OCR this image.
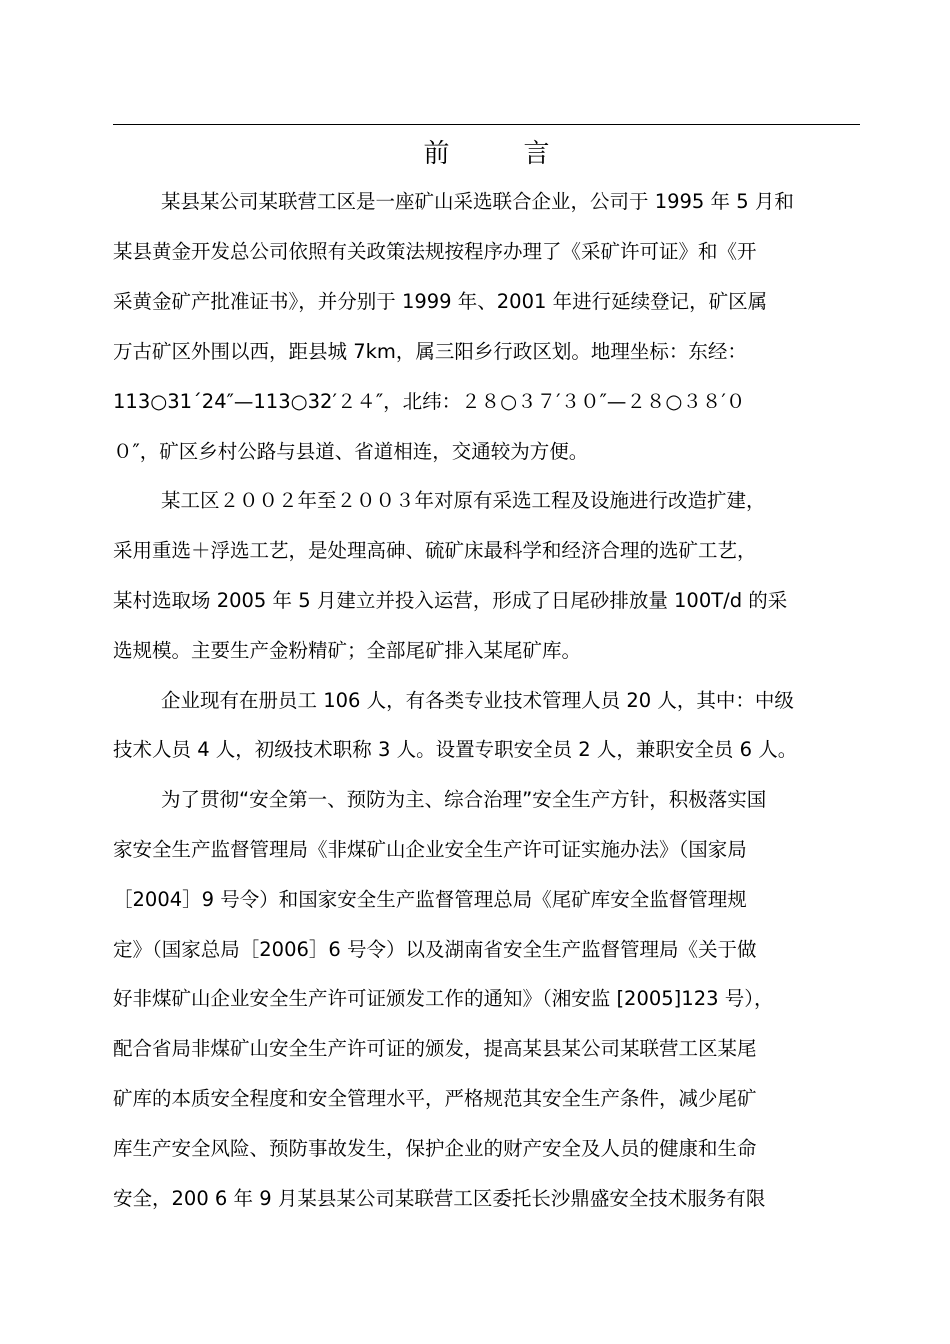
前言
某县某公司某联营工区是一座矿山采选联合企业，公司于 1995 年 5 月和
某县黄金开发总公司依照有关政策法规按程序办理了《采矿许可证》和《开
采黄金矿产批准证书》，并分别于 1999 年、2001 年进行延续登记，矿区属
万古矿区外围以西，距县城 7km，属三阳乡行政区划。地理坐标：东经：
113○31ˊ24″—113○32′２４″，北纬：２８○３７′３０″—２８○３８′０
０″，矿区乡村公路与县道、省道相连，交通较为方便。
某工区２００２年至２００３年对原有采选工程及设施进行改造扩建，
采用重选＋浮选工艺，是处理高砷、硫矿床最科学和经济合理的选矿工艺，
某村选取场 2005 年 5 月建立并投入运营，形成了日尾砂排放量 100T/d 的采
选规模。主要生产金粉精矿；全部尾矿排入某尾矿库。
企业现有在册员工 106 人，有各类专业技术管理人员 20 人，其中：中级
技术人员 4 人，初级技术职称 3 人。设置专职安全员 2 人，兼职安全员 6 人。
为了贯彻“安全第一、预防为主、综合治理”安全生产方针，积极落实国
家安全生产监督管理局《非煤矿山企业安全生产许可证实施办法》（国家局
［2004］9 号令）和国家安全生产监督管理总局《尾矿库安全监督管理规
定》（国家总局［2006］6 号令）以及湖南省安全生产监督管理局《关于做
好非煤矿山企业安全生产许可证颁发工作的通知》（湘安监 [2005]123 号），
配合省局非煤矿山安全生产许可证的颁发，提高某县某公司某联营工区某尾
矿库的本质安全程度和安全管理水平，严格规范其安全生产条件，减少尾矿
库生产安全风险、预防事故发生，保护企业的财产安全及人员的健康和生命
安全，200 6 年 9 月某县某公司某联营工区委托长沙鼎盛安全技术服务有限
